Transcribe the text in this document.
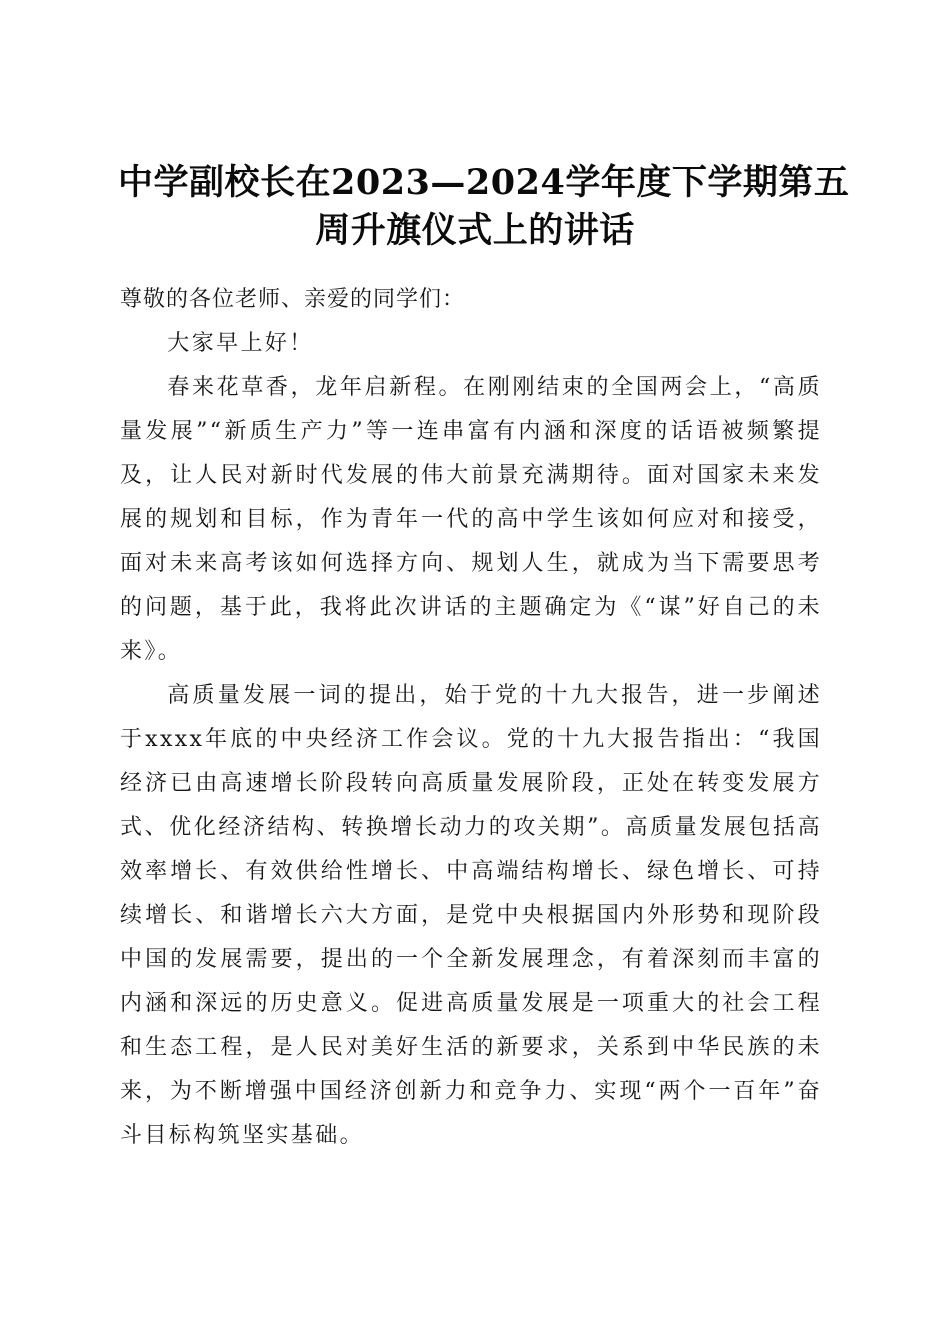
中学副校长在2023—2024学年度下学期第五
周升旗仪式上的讲话

尊敬的各位老师、亲爱的同学们：

大家早上好！

春来花草香，龙年启新程。在刚刚结束的全国两会上，“高质量发展”“新质生产力”等一连串富有内涵和深度的话语被频繁提及，让人民对新时代发展的伟大前景充满期待。面对国家未来发展的规划和目标，作为青年一代的高中学生该如何应对和接受，面对未来高考该如何选择方向、规划人生，就成为当下需要思考的问题，基于此，我将此次讲话的主题确定为《“谋”好自己的未来》。

高质量发展一词的提出，始于党的十九大报告，进一步阐述于xxxx年底的中央经济工作会议。党的十九大报告指出：“我国经济已由高速增长阶段转向高质量发展阶段，正处在转变发展方式、优化经济结构、转换增长动力的攻关期”。高质量发展包括高效率增长、有效供给性增长、中高端结构增长、绿色增长、可持续增长、和谐增长六大方面，是党中央根据国内外形势和现阶段中国的发展需要，提出的一个全新发展理念，有着深刻而丰富的内涵和深远的历史意义。促进高质量发展是一项重大的社会工程和生态工程，是人民对美好生活的新要求，关系到中华民族的未来，为不断增强中国经济创新力和竞争力、实现“两个一百年”奋斗目标构筑坚实基础。
